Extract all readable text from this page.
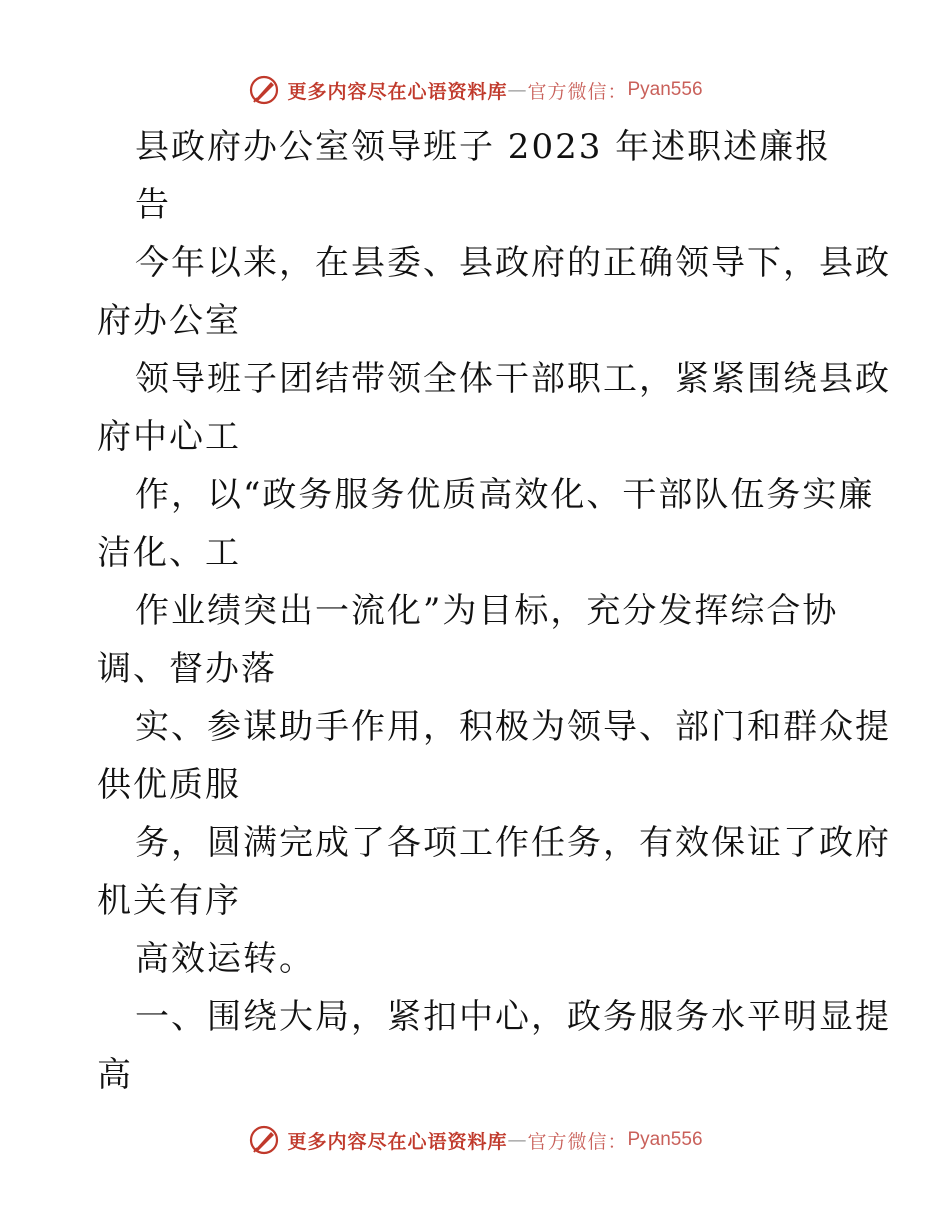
更多内容尽在心语资料库 — 官方微信： Pyan556
县政府办公室领导班子 2023 年述职述廉报
告
今年以来，在县委、县政府的正确领导下，县政
府办公室
领导班子团结带领全体干部职工，紧紧围绕县政
府中心工
作，以“政务服务优质高效化、干部队伍务实廉
洁化、工
作业绩突出一流化”为目标，充分发挥综合协
调、督办落
实、参谋助手作用，积极为领导、部门和群众提
供优质服
务，圆满完成了各项工作任务，有效保证了政府
机关有序
高效运转。
一、围绕大局，紧扣中心，政务服务水平明显提
高
更多内容尽在心语资料库 — 官方微信： Pyan556
